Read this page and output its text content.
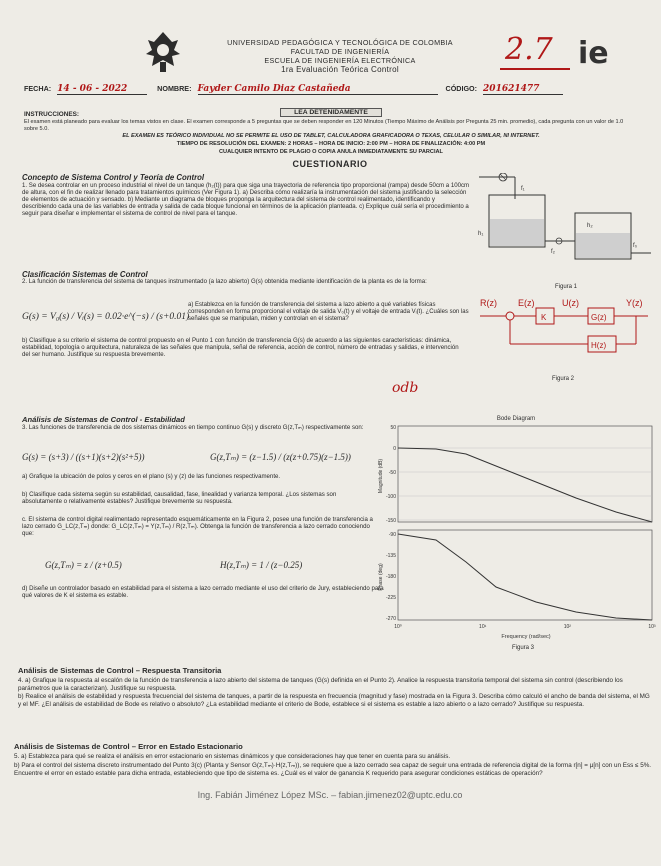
UNIVERSIDAD PEDAGÓGICA Y TECNOLÓGICA DE COLOMBIA
FACULTAD DE INGENIERÍA
ESCUELA DE INGENIERÍA ELECTRÓNICA
1ra Evaluación Teórica Control
2.7 ie
FECHA: 14 - 06 - 2022	NOMBRE: Fayder Camilo Diaz Castañeda	CÓDIGO: 201621477
INSTRUCCIONES:	LEA DETENIDAMENTE
El examen está planeado para evaluar los temas vistos en clase. El examen corresponde a 5 preguntas que se deben responder en 120 Minutos (Tiempo Máximo de Análisis por Pregunta 25 min. promedio), cada pregunta con un valor de 1.0 sobre 5.0.
EL EXAMEN ES TEÓRICO INDIVIDUAL NO SE PERMITE EL USO DE TABLET, CALCULADORA GRAFICADORA O TEXAS, CELULAR O SIMILAR, NI INTERNET.
TIEMPO DE RESOLUCIÓN DEL EXAMEN: 2 HORAS – HORA DE INICIO: 2:00 PM – HORA DE FINALIZACIÓN: 4:00 PM
CUALQUIER INTENTO DE PLAGIO O COPIA ANULA INMEDIATAMENTE SU PARCIAL
CUESTIONARIO
Concepto de Sistema Control y Teoría de Control
1. Se desea controlar en un proceso industrial el nivel de un tanque (h₂(t)) para que siga una trayectoria de referencia tipo proporcional (rampa) desde 50cm a 100cm de altura, con el fin de realizar llenado para tratamientos químicos (Ver Figura 1). a) Describa cómo realizaría la instrumentación del sistema justificando la selección de elementos de actuación y sensado. b) Mediante un diagrama de bloques proponga la arquitectura del sistema de control realimentado, identificando y describiendo cada una de las variables de entrada y salida de cada bloque funcional en términos de la aplicación planteada. c) Explique cuál sería el procedimiento a seguir para diseñar e implementar el sistema de control de nivel para el tanque.
f₁
h₁
f₂
h₂
f₀
Figura 1
Clasificación Sistemas de Control
2. La función de transferencia del sistema de tanques instrumentado (a lazo abierto) G(s) obtenida mediante identificación de la planta es de la forma:
G(s) = V₀(s) / Vᵢ(s) = 0.02·e^(−s) / (s+0.01)
a) Establezca en la función de transferencia del sistema a lazo abierto a qué variables físicas corresponden en forma proporcional el voltaje de salida V₀(t) y el voltaje de entrada Vᵢ(t). ¿Cuáles son las señales que se manipulan, miden y controlan en el sistema?
b) Clasifique a su criterio el sistema de control propuesto en el Punto 1 con función de transferencia G(s) de acuerdo a las siguientes características: dinámica, estabilidad, topología o arquitectura, naturaleza de las señales que manipula, señal de referencia, acción de control, número de entradas y salidas, e intervención del ser humano. Justifique su respuesta brevemente.
R(z) E(z)
K
U(z)
G(z)
Y(z)
H(z)
Figura 2
odb
Análisis de Sistemas de Control - Estabilidad
3. Las funciones de transferencia de dos sistemas dinámicos en tiempo continuo G(s) y discreto G(z,Tₘ) respectivamente son:
G(s) = (s+3) / ((s+1)(s+2)(s²+5))	G(z,Tₘ) = (z−1.5) / (z(z+0.75)(z−1.5))
a) Grafique la ubicación de polos y ceros en el plano (s) y (z) de las funciones respectivamente.
b) Clasifique cada sistema según su estabilidad, causalidad, fase, linealidad y varianza temporal. ¿Los sistemas son absolutamente o relativamente estables? Justifique brevemente su respuesta.
c. El sistema de control digital realimentado representado esquemáticamente en la Figura 2, posee una función de transferencia a lazo cerrado G_LC(z,Tₘ) donde: G_LC(z,Tₘ) = Y(z,Tₘ) / R(z,Tₘ). Obtenga la función de transferencia a lazo cerrado conociendo que:
G(z,Tₘ) = z / (z+0.5)	H(z,Tₘ) = 1 / (z−0.25)
d) Diseñe un controlador basado en estabilidad para el sistema a lazo cerrado mediante el uso del criterio de Jury, estableciendo para qué valores de K el sistema es estable.
Bode Diagram
Magnitude (dB)
Phase (deg)
50
0
-50
-100
-150
-90
-135
-180
-225
-270
10⁰	10¹	10²	10³
Frequency (rad/sec)
Figura 3
Análisis de Sistemas de Control – Respuesta Transitoria
4. a) Grafique la respuesta al escalón de la función de transferencia a lazo abierto del sistema de tanques (G(s) definida en el Punto 2). Analice la respuesta transitoria temporal del sistema sin control (describiendo los parámetros que la caracterizan). Justifique su respuesta.
b) Realice el análisis de estabilidad y respuesta frecuencial del sistema de tanques, a partir de la respuesta en frecuencia (magnitud y fase) mostrada en la Figura 3. Describa cómo calculó el ancho de banda del sistema, el MG y el MF. ¿El análisis de estabilidad de Bode es relativo o absoluto? ¿La estabilidad mediante el criterio de Bode, establece si el sistema es estable a lazo abierto o a lazo cerrado? Justifique su respuesta.
Análisis de Sistemas de Control – Error en Estado Estacionario
5. a) Establezca para qué se realiza el análisis en error estacionario en sistemas dinámicos y que consideraciones hay que tener en cuenta para su análisis.
b) Para el control del sistema discreto instrumentado del Punto 3(c) (Planta y Sensor G(z,Tₘ)·H(z,Tₘ)), se requiere que a lazo cerrado sea capaz de seguir una entrada de referencia digital de la forma r[n] = μ[n] con un Ess ≤ 5%. Encuentre el error en estado estable para dicha entrada, estableciendo que tipo de sistema es. ¿Cuál es el valor de ganancia K requerido para asegurar condiciones estáticas de operación?
Ing. Fabián Jiménez López MSc. – fabian.jimenez02@uptc.edu.co
